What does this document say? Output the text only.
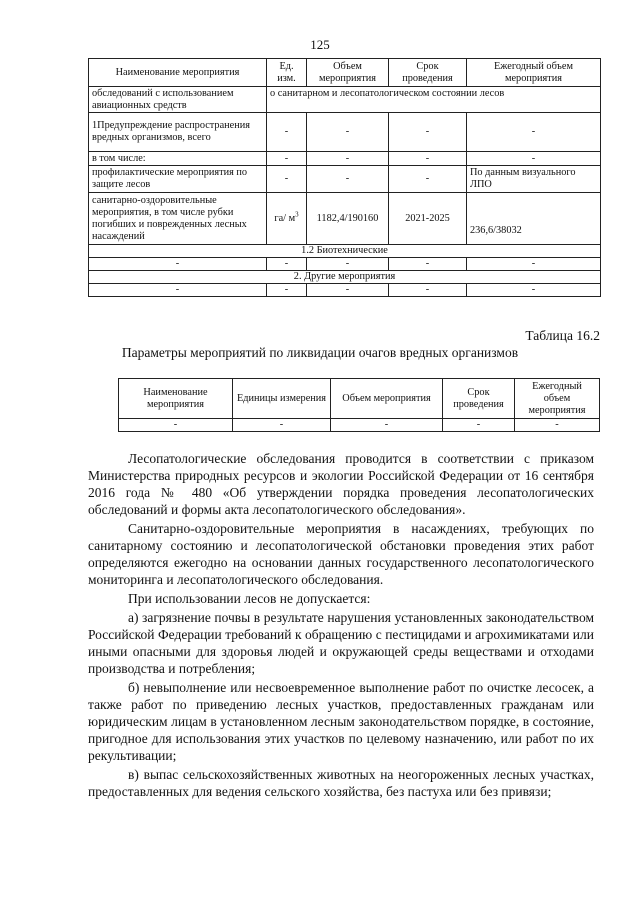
125
Наименование мероприятия	Ед. изм.	Объем мероприятия	Срок проведения	Ежегодный объем мероприятия
обследований с использованием авиационных средств	о санитарном и лесопатологическом состоянии лесов			
1Предупреждение распространения вредных организмов, всего	-	-	-	-
в том числе:	-	-	-	-
профилактические мероприятия по защите лесов	-	-	-	По данным визуального ЛПО
санитарно-оздоровительные мероприятия, в том числе рубки погибших и поврежденных лесных насаждений	га/ $м^3$	1182,4/190160	2021-2025	236,6/38032
1.2 Биотехнические				
-	-	-	-	-
2. Другие мероприятия				
-	-	-	-	-
Таблица 16.2
Параметры мероприятий по ликвидации очагов вредных организмов
Наименование мероприятия	Единицы измерения	Объем мероприятия	Срок проведения	Ежегодный объем мероприятия
-	-	-	-	-

Лесопатологические обследования проводится в соответствии с приказом Министерства природных ресурсов и экологии Российской Федерации от 16 сентября 2016 года № 480 «Об утверждении порядка проведения лесопатологических обследований и формы акта лесопатологического обследования».

Санитарно-оздоровительные мероприятия в насаждениях, требующих по санитарному состоянию и лесопатологической обстановки проведения этих работ определяются ежегодно на основании данных государственного лесопатологического мониторинга и лесопатологического обследования.

При использовании лесов не допускается:

а) загрязнение почвы в результате нарушения установленных законодательством Российской Федерации требований к обращению с пестицидами и агрохимикатами или иными опасными для здоровья людей и окружающей среды веществами и отходами производства и потребления;

б) невыполнение или несвоевременное выполнение работ по очистке лесосек, а также работ по приведению лесных участков, предоставленных гражданам или юридическим лицам в установленном лесным законодательством порядке, в состояние, пригодное для использования этих участков по целевому назначению, или работ по их рекультивации;

в) выпас сельскохозяйственных животных на неогороженных лесных участках, предоставленных для ведения сельского хозяйства, без пастуха или без привязи;
